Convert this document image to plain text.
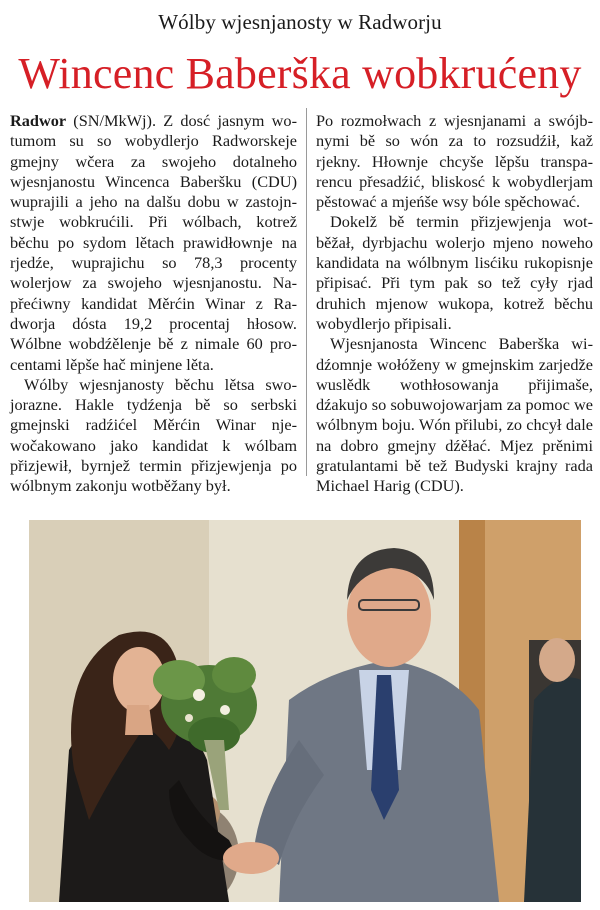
Wólby wjesnjanosty w Radworju
Wincenc Baberška wobkrućeny

Radwor (SN/MkWj). Z dosć jasnym wotumom su so wobydlerjo Radworskeje gmejny wčera za swojeho dotalneho wjesnjanostu Wincenca Baberšku (CDU) wuprajili a jeho na dalšu dobu w zastojnstwje wobkrućili. Při wólbach, kotrež běchu po sydom lětach prawidłownje na rjedźe, wuprajichu so 78,3 procenty wolerjow za swojeho wjesnjanostu. Napřećiwny kandidat Měrćin Winar z Radworja dósta 19,2 procentaj hłosow. Wólbne wobdźělenje bě z nimale 60 procentami lěpše hač minjene lěta.

Wólby wjesnjanosty běchu lětsa swojorazne. Hakle tydźenja bě so serbski gmejnski radźićel Měrćin Winar njewočakowano jako kandidat k wólbam přizjewił, byrnjež termin přizjewjenja po wólbnym zakonju wotběžany był.

Po rozmołwach z wjesnjanami a swójbnymi bě so wón za to rozsudźił, kaž rjekny. Hłownje chcyše lěpšu transparencu přesadźić, bliskosć k wobydlerjam pěstować a mjeńše wsy bóle spěchować.

Dokelž bě termin přizjewjenja wotběžał, dyrbjachu wolerjo mjeno noweho kandidata na wólbnym lisćiku rukopisnje připisać. Při tym pak so tež cyły rjad druhich mjenow wukopa, kotrež běchu wobydlerjo připisali.

Wjesnjanosta Wincenc Baberška widźomnje wołóženy w gmejnskim zarjedže wuslědk wothłosowanja přijimaše, dźakujo so sobuwojowarjam za pomoc we wólbnym boju. Wón přilubi, zo chcył dale na dobro gmejny dźěłać. Mjez prěnimi gratulantami bě tež Budyski krajny rada Michael Harig (CDU).
